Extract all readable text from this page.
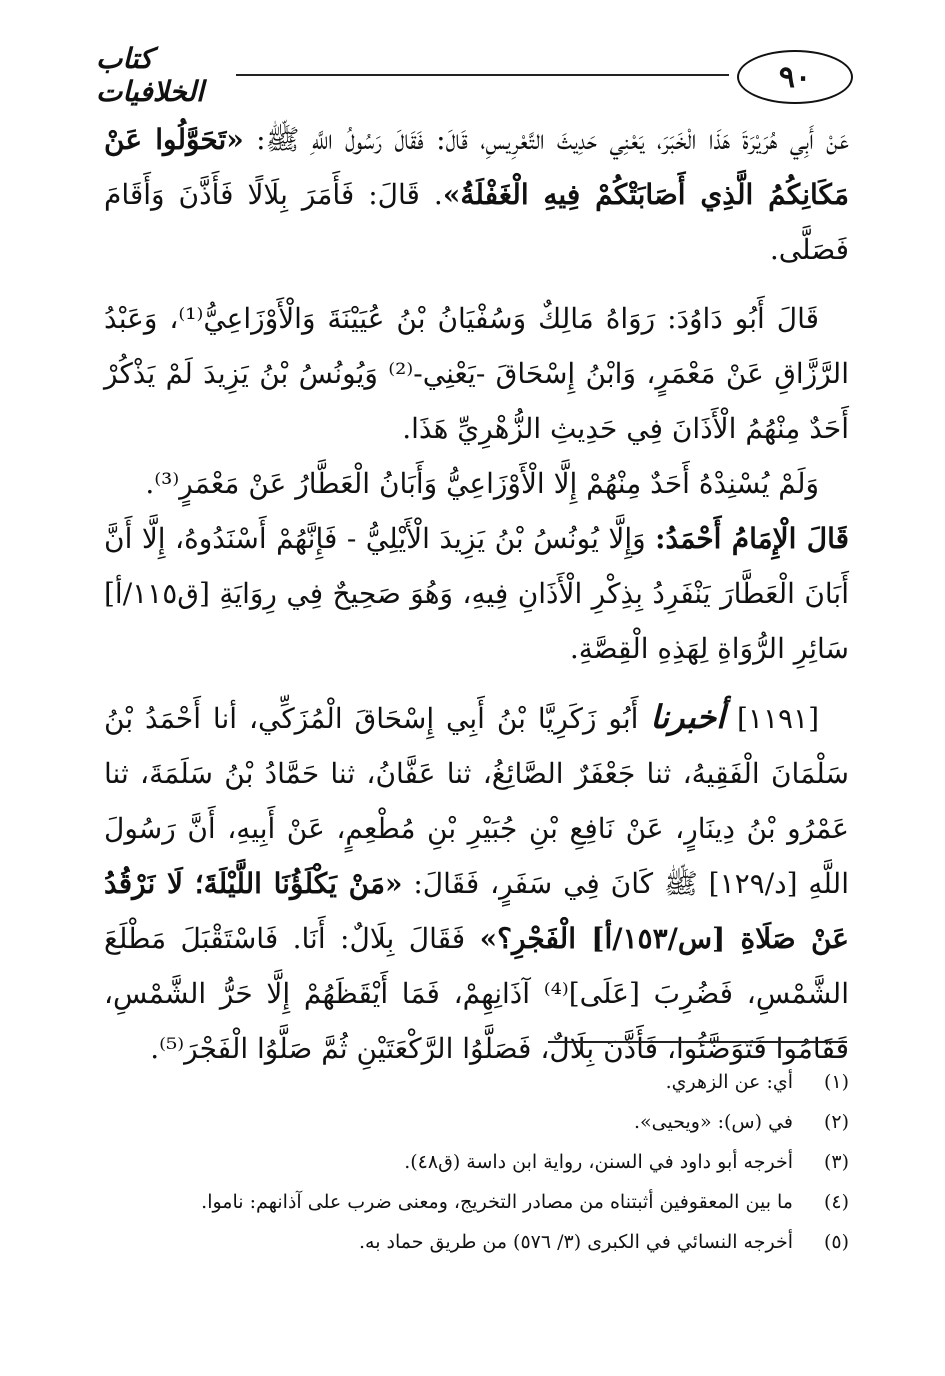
كتاب الخلافيات	٩٠

عَنْ أَبِي هُرَيْرَةَ هَذَا الْخَبَرَ، يَعْنِي حَدِيثَ التَّعْرِيسِ، قَالَ: فَقَالَ رَسُولُ اللَّهِ ﷺ: «تَحَوَّلُوا عَنْ مَكَانِكُمُ الَّذِي أَصَابَتْكُمْ فِيهِ الْغَفْلَةُ». قَالَ: فَأَمَرَ بِلَالًا فَأَذَّنَ وَأَقَامَ فَصَلَّى.

قَالَ أَبُو دَاوُدَ: رَوَاهُ مَالِكٌ وَسُفْيَانُ بْنُ عُيَيْنَةَ وَالْأَوْزَاعِيُّ⁽¹⁾، وَعَبْدُ الرَّزَّاقِ عَنْ مَعْمَرٍ، وَابْنُ إِسْحَاقَ -يَعْنِي-⁽²⁾ وَيُونُسُ بْنُ يَزِيدَ لَمْ يَذْكُرْ أَحَدٌ مِنْهُمُ الْأَذَانَ فِي حَدِيثِ الزُّهْرِيِّ هَذَا.

وَلَمْ يُسْنِدْهُ أَحَدٌ مِنْهُمْ إِلَّا الْأَوْزَاعِيُّ وَأَبَانُ الْعَطَّارُ عَنْ مَعْمَرٍ⁽³⁾.

قَالَ الْإِمَامُ أَحْمَدُ: وَإِلَّا يُونُسُ بْنُ يَزِيدَ الْأَيْلِيُّ - فَإِنَّهُمْ أَسْنَدُوهُ، إِلَّا أَنَّ أَبَانَ الْعَطَّارَ يَنْفَرِدُ بِذِكْرِ الْأَذَانِ فِيهِ، وَهُوَ صَحِيحٌ فِي رِوَايَةِ [ق١١٥/أ] سَائِرِ الرُّوَاةِ لِهَذِهِ الْقِصَّةِ.

[١١٩١] أخبرنا أَبُو زَكَرِيَّا بْنُ أَبِي إِسْحَاقَ الْمُزَكِّي، أنا أَحْمَدُ بْنُ سَلْمَانَ الْفَقِيهُ، ثنا جَعْفَرٌ الصَّائِغُ، ثنا عَفَّانُ، ثنا حَمَّادُ بْنُ سَلَمَةَ، ثنا عَمْرُو بْنُ دِينَارٍ، عَنْ نَافِعِ بْنِ جُبَيْرِ بْنِ مُطْعِمٍ، عَنْ أَبِيهِ، أَنَّ رَسُولَ اللَّهِ [د/١٢٩] ﷺ كَانَ فِي سَفَرٍ، فَقَالَ: «مَنْ يَكْلَؤُنَا اللَّيْلَةَ؛ لَا نَرْقُدُ عَنْ صَلَاةِ [س/١٥٣/أ] الْفَجْرِ؟» فَقَالَ بِلَالٌ: أَنَا. فَاسْتَقْبَلَ مَطْلَعَ الشَّمْسِ، فَضُرِبَ [عَلَى]⁽⁴⁾ آذَانِهِمْ، فَمَا أَيْقَظَهُمْ إِلَّا حَرُّ الشَّمْسِ، فَقَامُوا فَتَوَضَّئُوا، فَأَذَّنَ بِلَالٌ، فَصَلَّوُا الرَّكْعَتَيْنِ ثُمَّ صَلَّوُا الْفَجْرَ⁽⁵⁾.

(١)
أي: عن الزهري.
(٢)
في (س): «ويحيى».
(٣)
أخرجه أبو داود في السنن، رواية ابن داسة (ق٤٨).
(٤)
ما بين المعقوفين أثبتناه من مصادر التخريج، ومعنى ضرب على آذانهم: ناموا.
(٥)
أخرجه النسائي في الكبرى (٣/ ٥٧٦) من طريق حماد به.
